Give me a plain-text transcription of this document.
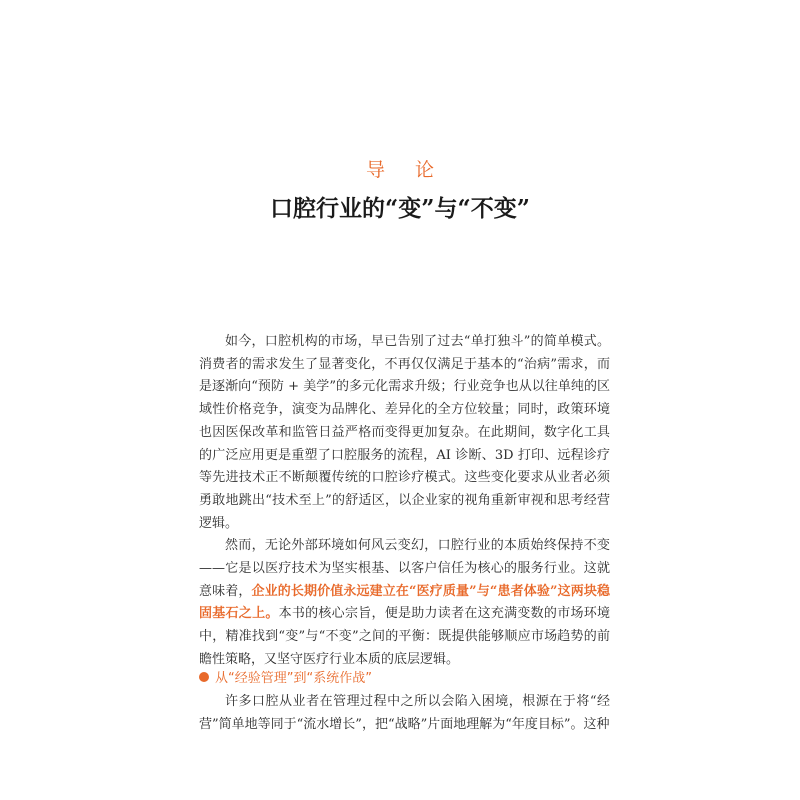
导 论
口腔行业的“变”与“不变”

如今，口腔机构的市场，早已告别了过去“单打独斗”的简单模式。消费者的需求发生了显著变化，不再仅仅满足于基本的“治病”需求，而是逐渐向“预防 + 美学”的多元化需求升级；行业竞争也从以往单纯的区域性价格竞争，演变为品牌化、差异化的全方位较量；同时，政策环境也因医保改革和监管日益严格而变得更加复杂。在此期间，数字化工具的广泛应用更是重塑了口腔服务的流程，AI 诊断、3D 打印、远程诊疗等先进技术正不断颠覆传统的口腔诊疗模式。这些变化要求从业者必须勇敢地跳出“技术至上”的舒适区，以企业家的视角重新审视和思考经营逻辑。

然而，无论外部环境如何风云变幻，口腔行业的本质始终保持不变——它是以医疗技术为坚实根基、以客户信任为核心的服务行业。这就意味着，企业的长期价值永远建立在“医疗质量”与“患者体验”这两块稳固基石之上。本书的核心宗旨，便是助力读者在这充满变数的市场环境中，精准找到“变”与“不变”之间的平衡：既提供能够顺应市场趋势的前瞻性策略，又坚守医疗行业本质的底层逻辑。

从“经验管理”到“系统作战”

许多口腔从业者在管理过程中之所以会陷入困境，根源在于将“经营”简单地等同于“流水增长”，把“战略”片面地理解为“年度目标”。这种
